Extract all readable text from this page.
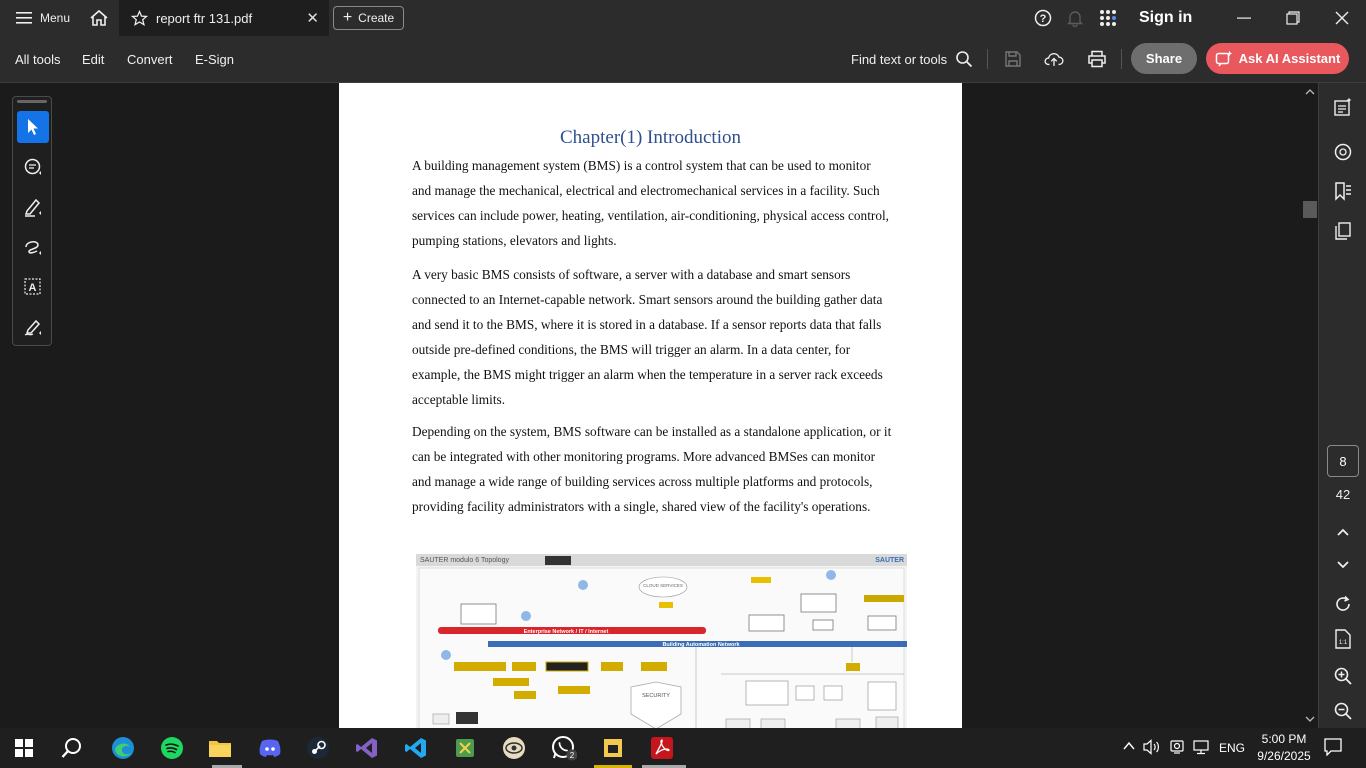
Menu	report ftr 131.pdf	✕ + Create	?	Sign in
All tools Edit Convert E-Sign	Find text or tools	Share	Ask AI Assistant
Chapter(1) Introduction
A building management system (BMS) is a control system that can be used to monitor and manage the mechanical, electrical and electromechanical services in a facility. Such services can include power, heating, ventilation, air-conditioning, physical access control, pumping stations, elevators and lights.
A very basic BMS consists of software, a server with a database and smart sensors connected to an Internet-capable network. Smart sensors around the building gather data and send it to the BMS, where it is stored in a database. If a sensor reports data that falls outside pre-defined conditions, the BMS will trigger an alarm. In a data center, for example, the BMS might trigger an alarm when the temperature in a server rack exceeds acceptable limits.
Depending on the system, BMS software can be installed as a standalone application, or it can be integrated with other monitoring programs. More advanced BMSes can monitor and manage a wide range of building services across multiple platforms and protocols, providing facility administrators with a single, shared view of the facility's operations.
SAUTER modulo 6 Topology	SAUTER
CLOUD SERVICES
Enterprise Network / IT / Internet
Building Automation Network
SECURITY
A
8
42
1:1
2
ENG
5:00 PM
9/26/2025
